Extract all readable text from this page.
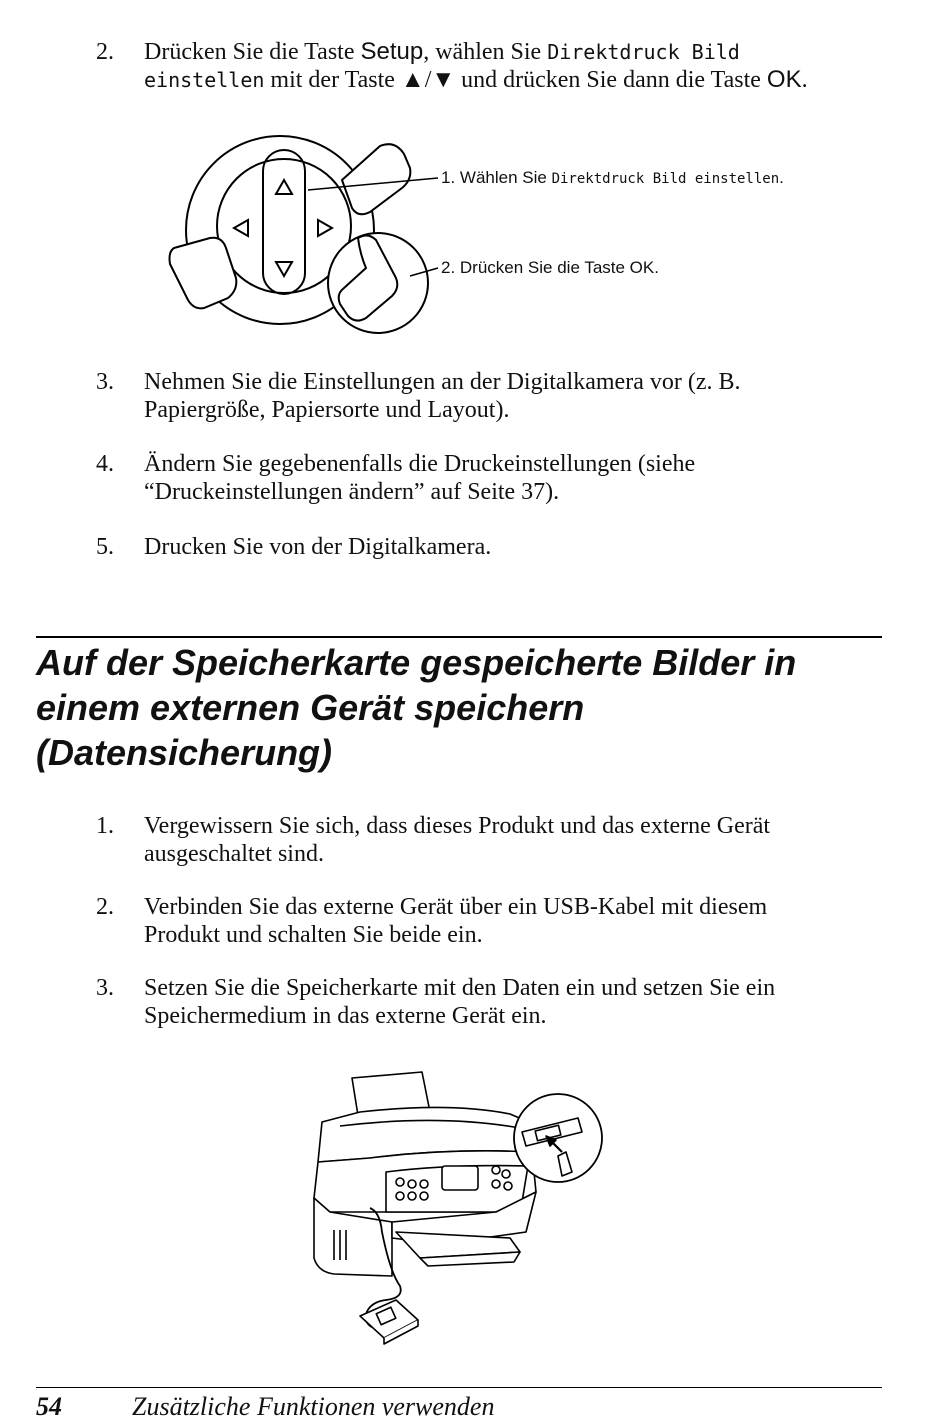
2. Drücken Sie die Taste Setup, wählen Sie Direktdruck Bild
einstellen mit der Taste ▲/▼ und drücken Sie dann die Taste OK.
1. Wählen Sie Direktdruck Bild einstellen.
2. Drücken Sie die Taste OK.
3. Nehmen Sie die Einstellungen an der Digitalkamera vor (z. B.
Papiergröße, Papiersorte und Layout).
4. Ändern Sie gegebenenfalls die Druckeinstellungen (siehe
“Druckeinstellungen ändern” auf Seite 37).
5. Drucken Sie von der Digitalkamera.
Auf der Speicherkarte gespeicherte Bilder in
einem externen Gerät speichern
(Datensicherung)
1. Vergewissern Sie sich, dass dieses Produkt und das externe Gerät
ausgeschaltet sind.
2. Verbinden Sie das externe Gerät über ein USB-Kabel mit diesem
Produkt und schalten Sie beide ein.
3. Setzen Sie die Speicherkarte mit den Daten ein und setzen Sie ein
Speichermedium in das externe Gerät ein.
54	Zusätzliche Funktionen verwenden
